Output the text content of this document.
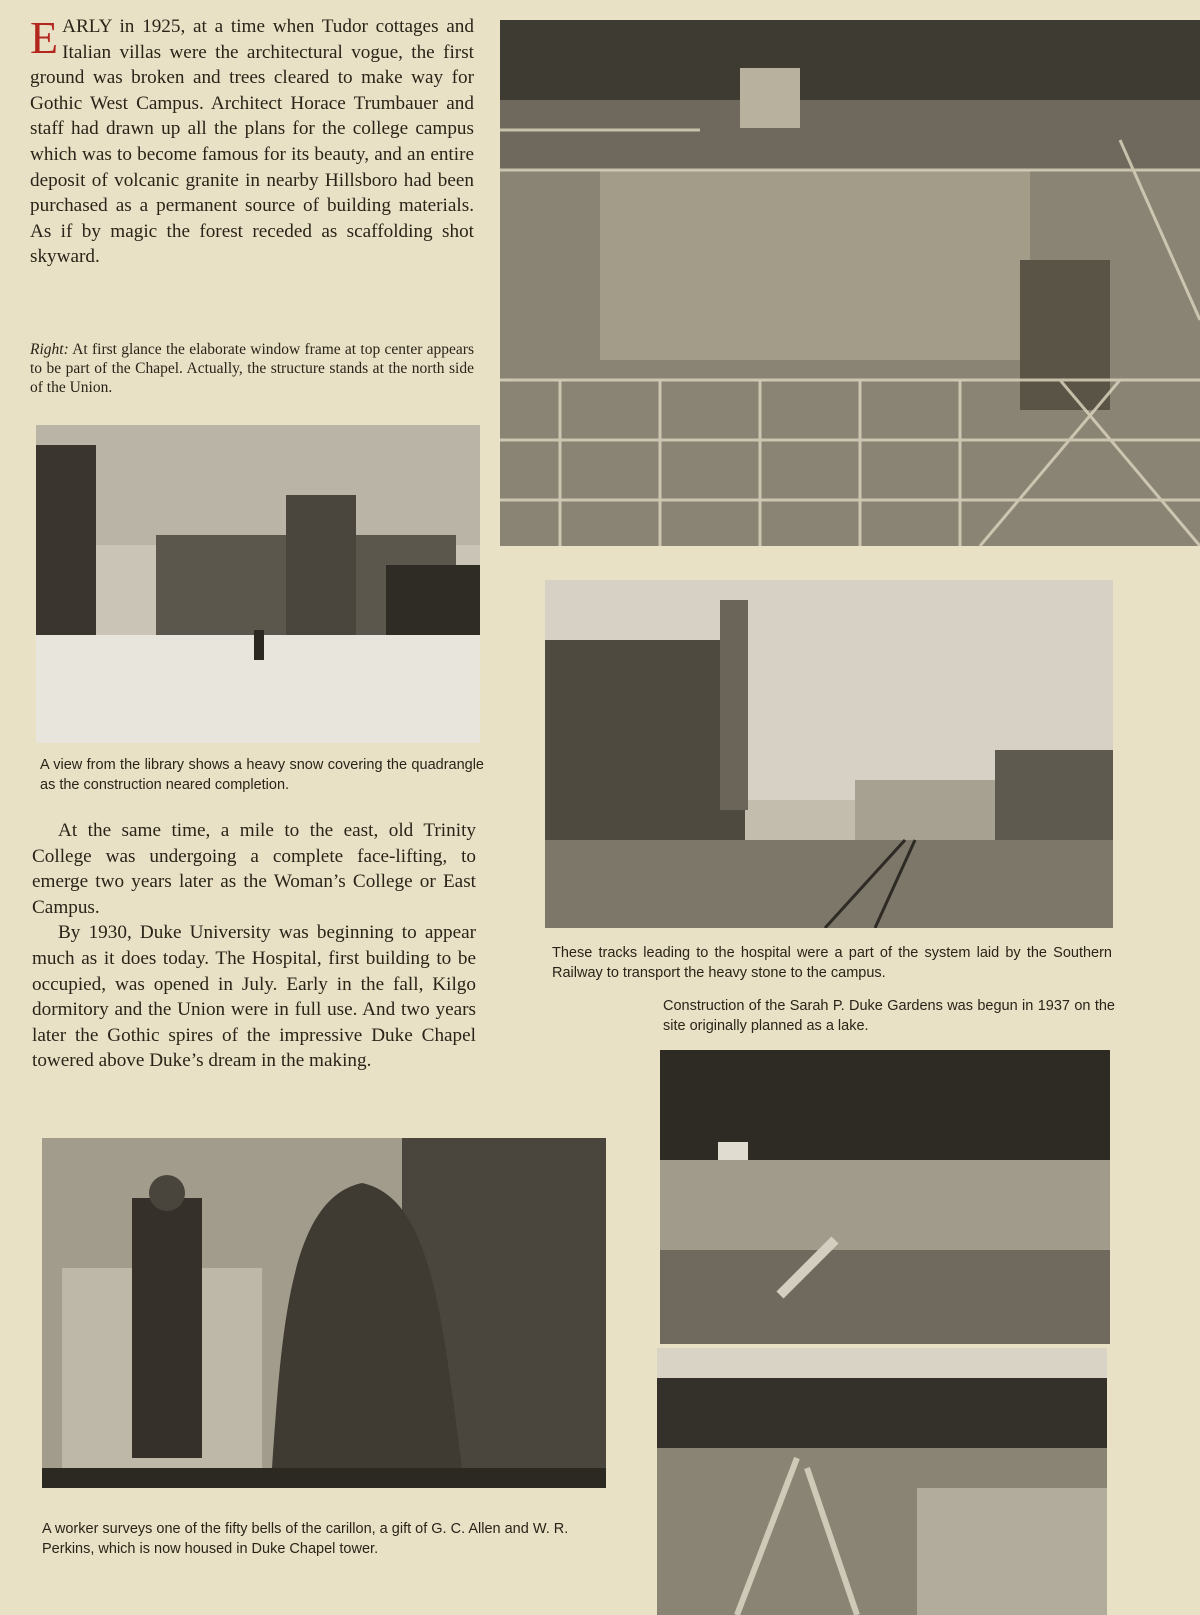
EARLY in 1925, at a time when Tudor cottages and Italian villas were the architectural vogue, the first ground was broken and trees cleared to make way for Gothic West Campus. Architect Horace Trumbauer and staff had drawn up all the plans for the college campus which was to become famous for its beauty, and an entire deposit of volcanic granite in nearby Hillsboro had been purchased as a permanent source of building materials. As if by magic the forest receded as scaffolding shot skyward.
Right: At first glance the elaborate window frame at top center appears to be part of the Chapel. Actually, the structure stands at the north side of the Union.
A view from the library shows a heavy snow covering the quadrangle as the construction neared completion.

At the same time, a mile to the east, old Trinity College was undergoing a complete face-lifting, to emerge two years later as the Woman’s College or East Campus.

By 1930, Duke University was beginning to appear much as it does today. The Hospital, first building to be occupied, was opened in July. Early in the fall, Kilgo dormitory and the Union were in full use. And two years later the Gothic spires of the impressive Duke Chapel towered above Duke’s dream in the making.

These tracks leading to the hospital were a part of the system laid by the Southern Railway to transport the heavy stone to the campus.
Construction of the Sarah P. Duke Gardens was begun in 1937 on the site originally planned as a lake.
A worker surveys one of the fifty bells of the carillon, a gift of G. C. Allen and W. R. Perkins, which is now housed in Duke Chapel tower.
